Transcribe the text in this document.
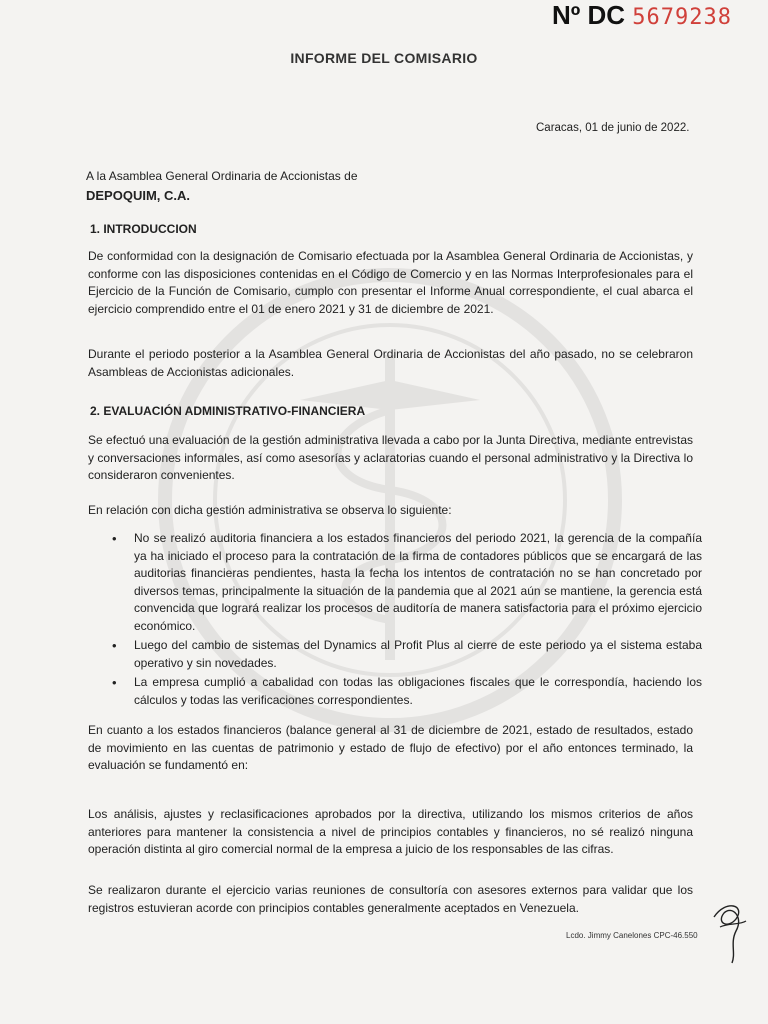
Nº DC 5679238
INFORME DEL COMISARIO
Caracas, 01 de junio de 2022.
A la Asamblea General Ordinaria de Accionistas de
DEPOQUIM, C.A.
1. INTRODUCCION

De conformidad con la designación de Comisario efectuada por la Asamblea General Ordinaria de Accionistas, y conforme con las disposiciones contenidas en el Código de Comercio y en las Normas Interprofesionales para el Ejercicio de la Función de Comisario, cumplo con presentar el Informe Anual correspondiente, el cual abarca el ejercicio comprendido entre el 01 de enero 2021 y 31 de diciembre de 2021.

Durante el periodo posterior a la Asamblea General Ordinaria de Accionistas del año pasado, no se celebraron Asambleas de Accionistas adicionales.

2. EVALUACIÓN ADMINISTRATIVO-FINANCIERA

Se efectuó una evaluación de la gestión administrativa llevada a cabo por la Junta Directiva, mediante entrevistas y conversaciones informales, así como asesorías y aclaratorias cuando el personal administrativo y la Directiva lo consideraron convenientes.

En relación con dicha gestión administrativa se observa lo siguiente:

• No se realizó auditoria financiera a los estados financieros del periodo 2021, la gerencia de la compañía ya ha iniciado el proceso para la contratación de la firma de contadores públicos que se encargará de las auditorias financieras pendientes, hasta la fecha los intentos de contratación no se han concretado por diversos temas, principalmente la situación de la pandemia que al 2021 aún se mantiene, la gerencia está convencida que logrará realizar los procesos de auditoría de manera satisfactoria para el próximo ejercicio económico.
• Luego del cambio de sistemas del Dynamics al Profit Plus al cierre de este periodo ya el sistema estaba operativo y sin novedades.
• La empresa cumplió a cabalidad con todas las obligaciones fiscales que le correspondía, haciendo los cálculos y todas las verificaciones correspondientes.

En cuanto a los estados financieros (balance general al 31 de diciembre de 2021, estado de resultados, estado de movimiento en las cuentas de patrimonio y estado de flujo de efectivo) por el año entonces terminado, la evaluación se fundamentó en:

Los análisis, ajustes y reclasificaciones aprobados por la directiva, utilizando los mismos criterios de años anteriores para mantener la consistencia a nivel de principios contables y financieros, no sé realizó ninguna operación distinta al giro comercial normal de la empresa a juicio de los responsables de las cifras.

Se realizaron durante el ejercicio varias reuniones de consultoría con asesores externos para validar que los registros estuvieran acorde con principios contables generalmente aceptados en Venezuela.

Lcdo. Jimmy Canelones CPC-46.550
